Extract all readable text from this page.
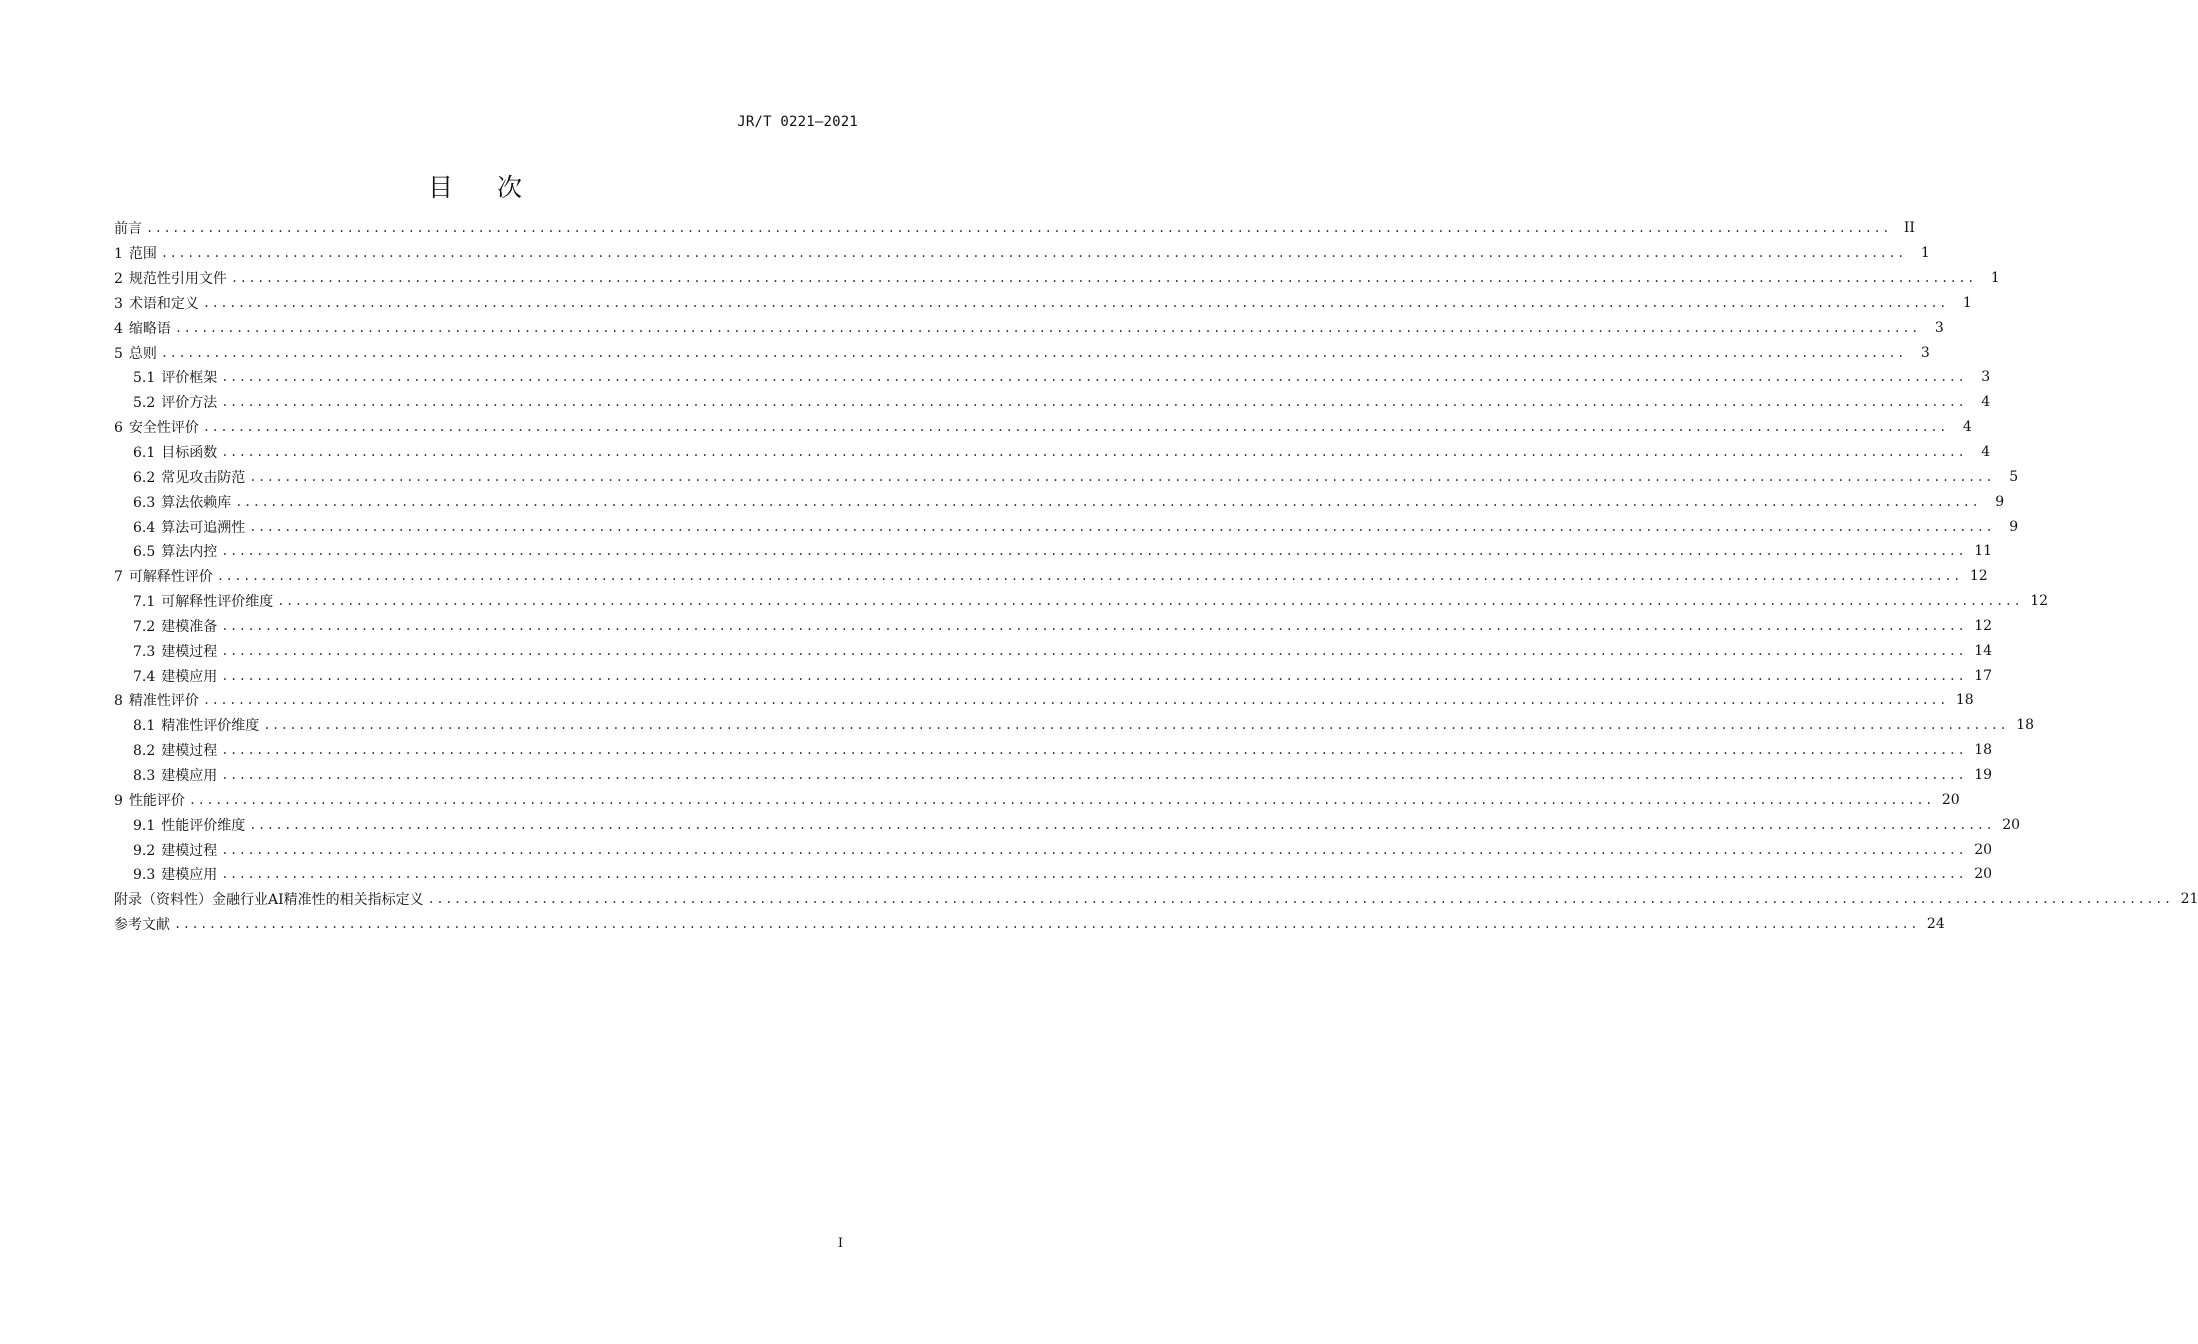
JR/T 0221—2021
目 次
前言 ........................................................................................................................................................................................................ II
1 范围 ........................................................................................................................................................................................................	1
2 规范性引用文件 ........................................................................................................................................................................................................	1
3 术语和定义 ........................................................................................................................................................................................................	1
4 缩略语 ........................................................................................................................................................................................................	3
5 总则 ........................................................................................................................................................................................................	3
5.1 评价框架 ........................................................................................................................................................................................................	3
5.2 评价方法 ........................................................................................................................................................................................................	4
6 安全性评价 ........................................................................................................................................................................................................	4
6.1 目标函数 ........................................................................................................................................................................................................	4
6.2 常见攻击防范 ........................................................................................................................................................................................................	5
6.3 算法依赖库 ........................................................................................................................................................................................................	9
6.4 算法可追溯性 ........................................................................................................................................................................................................	9
6.5 算法内控 ........................................................................................................................................................................................................ 11
7 可解释性评价 ........................................................................................................................................................................................................ 12
7.1 可解释性评价维度 ........................................................................................................................................................................................................ 12
7.2 建模准备 ........................................................................................................................................................................................................ 12
7.3 建模过程 ........................................................................................................................................................................................................ 14
7.4 建模应用 ........................................................................................................................................................................................................ 17
8 精准性评价 ........................................................................................................................................................................................................ 18
8.1 精准性评价维度 ........................................................................................................................................................................................................ 18
8.2 建模过程 ........................................................................................................................................................................................................ 18
8.3 建模应用 ........................................................................................................................................................................................................ 19
9 性能评价 ........................................................................................................................................................................................................ 20
9.1 性能评价维度 ........................................................................................................................................................................................................ 20
9.2 建模过程 ........................................................................................................................................................................................................ 20
9.3 建模应用 ........................................................................................................................................................................................................ 20
附录（资料性）金融行业AI精准性的相关指标定义 ........................................................................................................................................................................................................ 21
参考文献 ........................................................................................................................................................................................................ 24
I
